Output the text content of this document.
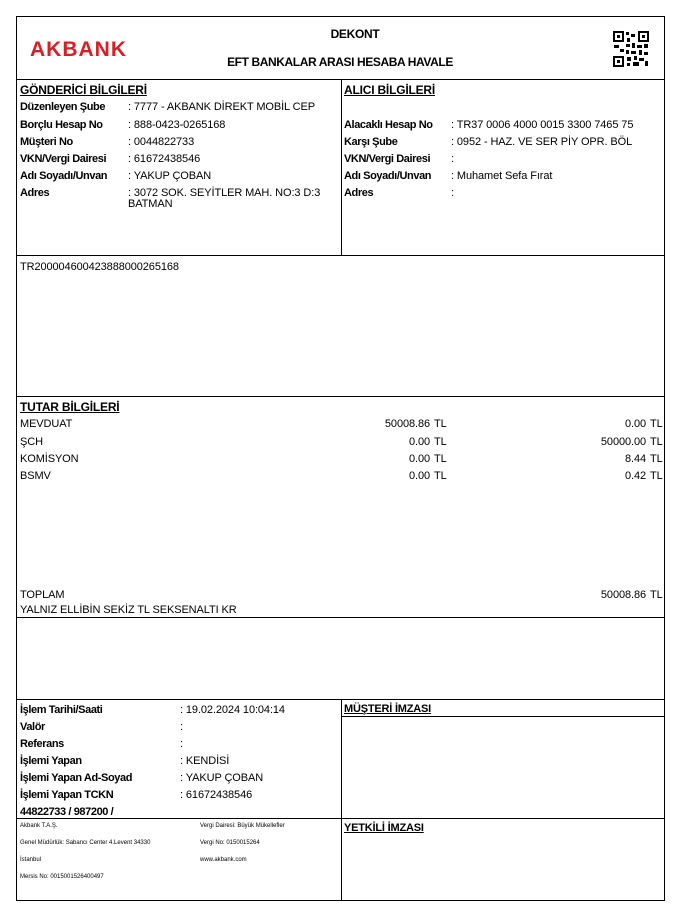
AKBANK
DEKONT
EFT BANKALAR ARASI HESABA HAVALE
GÖNDERİCİ BİLGİLERİ
Düzenleyen Şube : 7777 - AKBANK DİREKT MOBİL CEP
Borçlu Hesap No : 888-0423-0265168
Müşteri No	: 0044822733
VKN/Vergi Dairesi : 61672438546
Adı Soyadı/Unvan : YAKUP ÇOBAN
Adres	: 3072 SOK. SEYİTLER MAH. NO:3 D:3 BATMAN
ALICI BİLGİLERİ
Alacaklı Hesap No : TR37 0006 4000 0015 3300 7465 75
Karşı Şube	: 0952 - HAZ. VE SER PİY OPR. BÖL
VKN/Vergi Dairesi :
Adı Soyadı/Unvan : Muhamet Sefa Fırat
Adres	:
TR200004600423888000265168
TUTAR BİLGİLERİ
MEVDUAT	50008.86 TL	0.00 TL
ŞCH	0.00 TL	50000.00 TL
KOMİSYON	0.00 TL	8.44 TL
BSMV	0.00 TL	0.42 TL
TOPLAM	50008.86 TL
YALNIZ ELLİBİN SEKİZ TL SEKSENALTI KR
İşlem Tarihi/Saati	: 19.02.2024 10:04:14
Valör	:
Referans	:
İşlemi Yapan	: KENDİSİ
İşlemi Yapan Ad-Soyad	: YAKUP ÇOBAN
İşlemi Yapan TCKN	: 61672438546
44822733 / 987200 /
MÜŞTERİ İMZASI
YETKİLİ İMZASI
Akbank T.A.Ş.
Genel Müdürlük: Sabancı Center 4.Levent 34330
İstanbul
Mersis No: 0015001526400497
Vergi Dairesi: Büyük Mükellefler
Vergi No: 0150015264
www.akbank.com
